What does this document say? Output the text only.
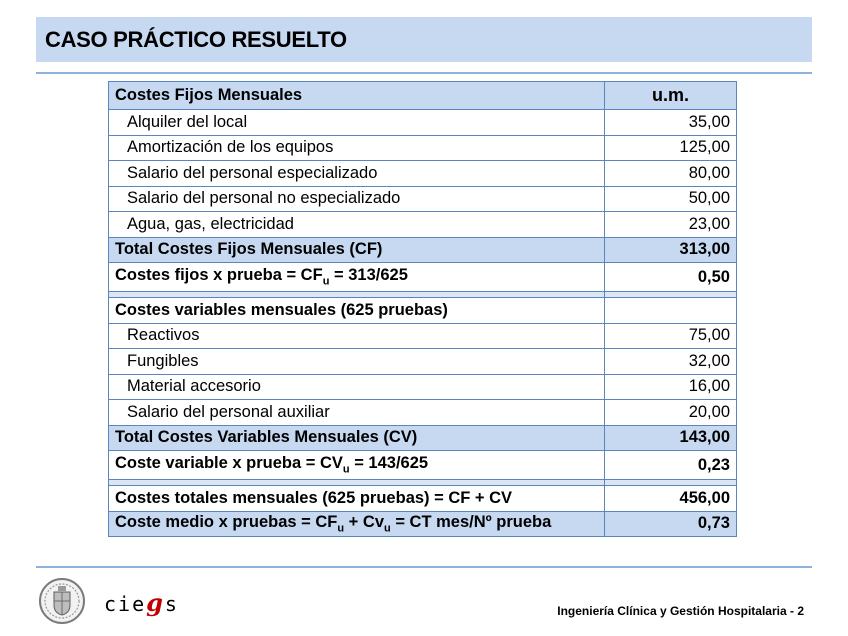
CASO PRÁCTICO RESUELTO
Costes Fijos Mensuales	u.m.
Alquiler del local	35,00
Amortización de los equipos	125,00
Salario del personal especializado	80,00
Salario del personal no especializado	50,00
Agua, gas, electricidad	23,00
Total Costes Fijos Mensuales (CF)	313,00
Costes fijos x prueba = $CF_u = 313/625$	0,50

Costes variables mensuales (625 pruebas)	
Reactivos	75,00
Fungibles	32,00
Material accesorio	16,00
Salario del personal auxiliar	20,00
Total Costes Variables Mensuales (CV)	143,00
Coste variable x prueba = $CV_u = 143/625$	0,23

Costes totales mensuales (625 pruebas) = CF + CV	456,00
Coste medio x pruebas = $CF_u + Cv_u$ = CT mes/Nº prueba	0,73
ciegs	Ingeniería Clínica y Gestión Hospitalaria - 2
